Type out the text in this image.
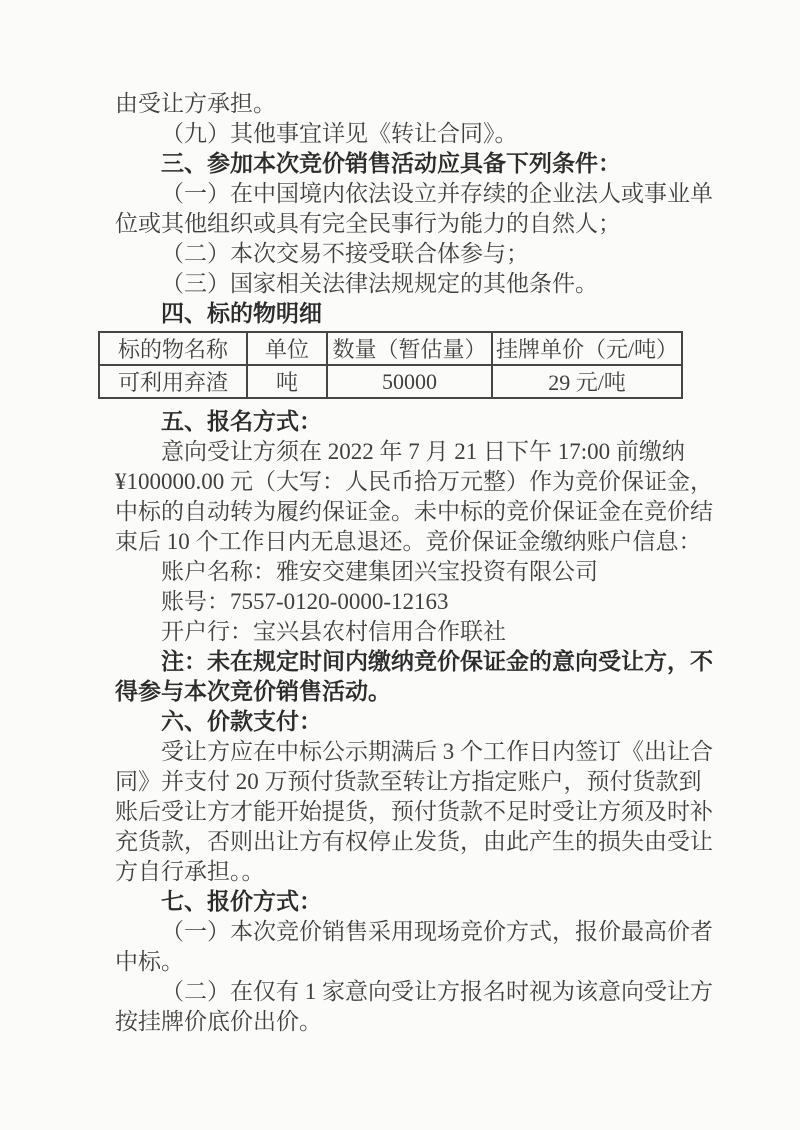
由受让方承担。
（九）其他事宜详见《转让合同》。
三、参加本次竞价销售活动应具备下列条件：
（一）在中国境内依法设立并存续的企业法人或事业单
位或其他组织或具有完全民事行为能力的自然人；
（二）本次交易不接受联合体参与；
（三）国家相关法律法规规定的其他条件。
四、标的物明细
标的物名称	单位	数量（暂估量）	挂牌单价（元/吨）
可利用弃渣	吨	50000	29 元/吨
五、报名方式：
意向受让方须在 2022 年 7 月 21 日下午 17:00 前缴纳
¥100000.00 元（大写：人民币拾万元整）作为竞价保证金，
中标的自动转为履约保证金。未中标的竞价保证金在竞价结
束后 10 个工作日内无息退还。竞价保证金缴纳账户信息：
账户名称：雅安交建集团兴宝投资有限公司
账号：7557-0120-0000-12163
开户行：宝兴县农村信用合作联社
注：未在规定时间内缴纳竞价保证金的意向受让方，不
得参与本次竞价销售活动。
六、价款支付：
受让方应在中标公示期满后 3 个工作日内签订《出让合
同》并支付 20 万预付货款至转让方指定账户，预付货款到
账后受让方才能开始提货，预付货款不足时受让方须及时补
充货款，否则出让方有权停止发货，由此产生的损失由受让
方自行承担。。
七、报价方式：
（一）本次竞价销售采用现场竞价方式，报价最高价者
中标。
（二）在仅有 1 家意向受让方报名时视为该意向受让方
按挂牌价底价出价。
